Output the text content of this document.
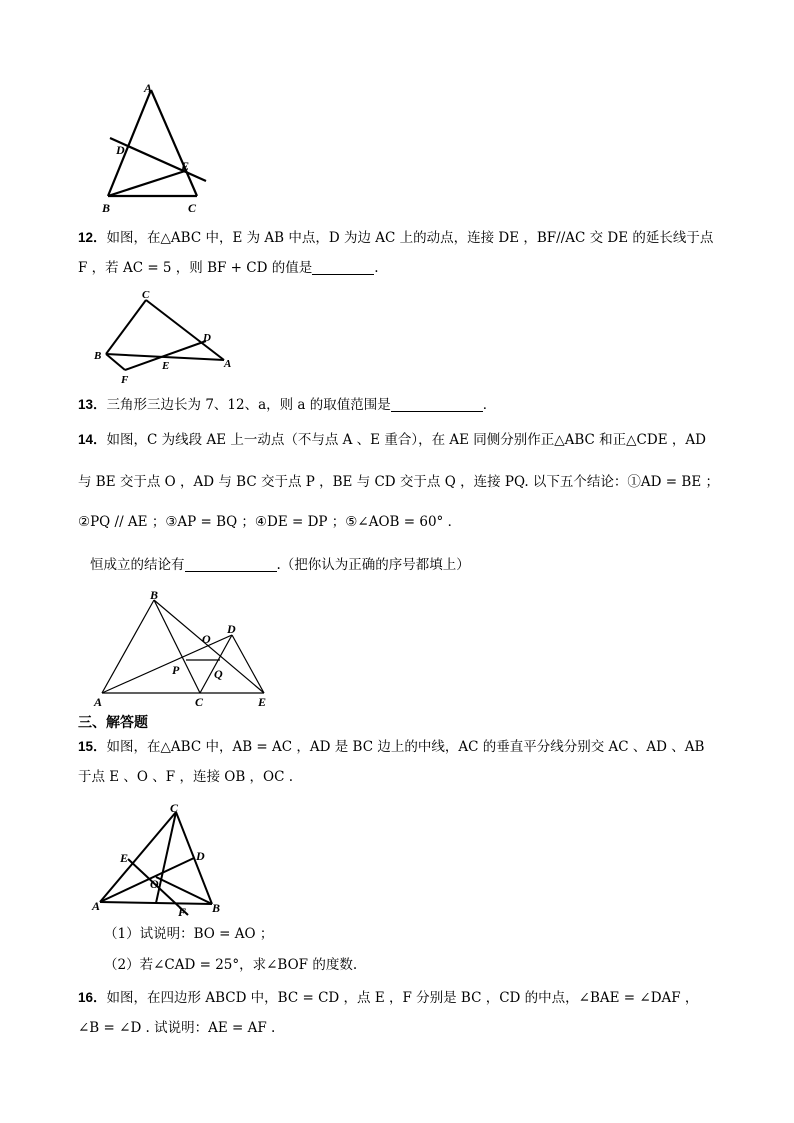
A
D
E
B	C
12．如图，在△ABC 中，E 为 AB 中点，D 为边 AC 上的动点，连接 DE ，BF//AC 交 DE 的延长线于点
F ，若 AC = 5 ，则 BF + CD 的值是	.
C
D
B
E	A
F
13．三角形三边长为 7、12、a，则 a 的取值范围是	．
14．如图，C 为线段 AE 上一动点（不与点 A 、E 重合），在 AE 同侧分别作正△ABC 和正△CDE ，AD
与 BE 交于点 O ，AD 与 BC 交于点 P ，BE 与 CD 交于点 Q ，连接 PQ. 以下五个结论：①AD = BE ；
②PQ // AE ；③AP = BQ ；④DE = DP ；⑤∠AOB = 60° ．
恒成立的结论有	.（把你认为正确的序号都填上）
B
D
O
P	Q
A	C	E
三、解答题
15．如图，在△ABC 中，AB = AC ，AD 是 BC 边上的中线，AC 的垂直平分线分别交 AC 、AD 、AB
于点 E 、O 、F ，连接 OB ，OC .
C
E	D
O
A	F B
（1）试说明：BO = AO ；
（2）若∠CAD = 25°，求∠BOF 的度数.
16．如图，在四边形 ABCD 中，BC = CD ，点 E ，F 分别是 BC ，CD 的中点，∠BAE = ∠DAF ，
∠B = ∠D . 试说明：AE = AF .
